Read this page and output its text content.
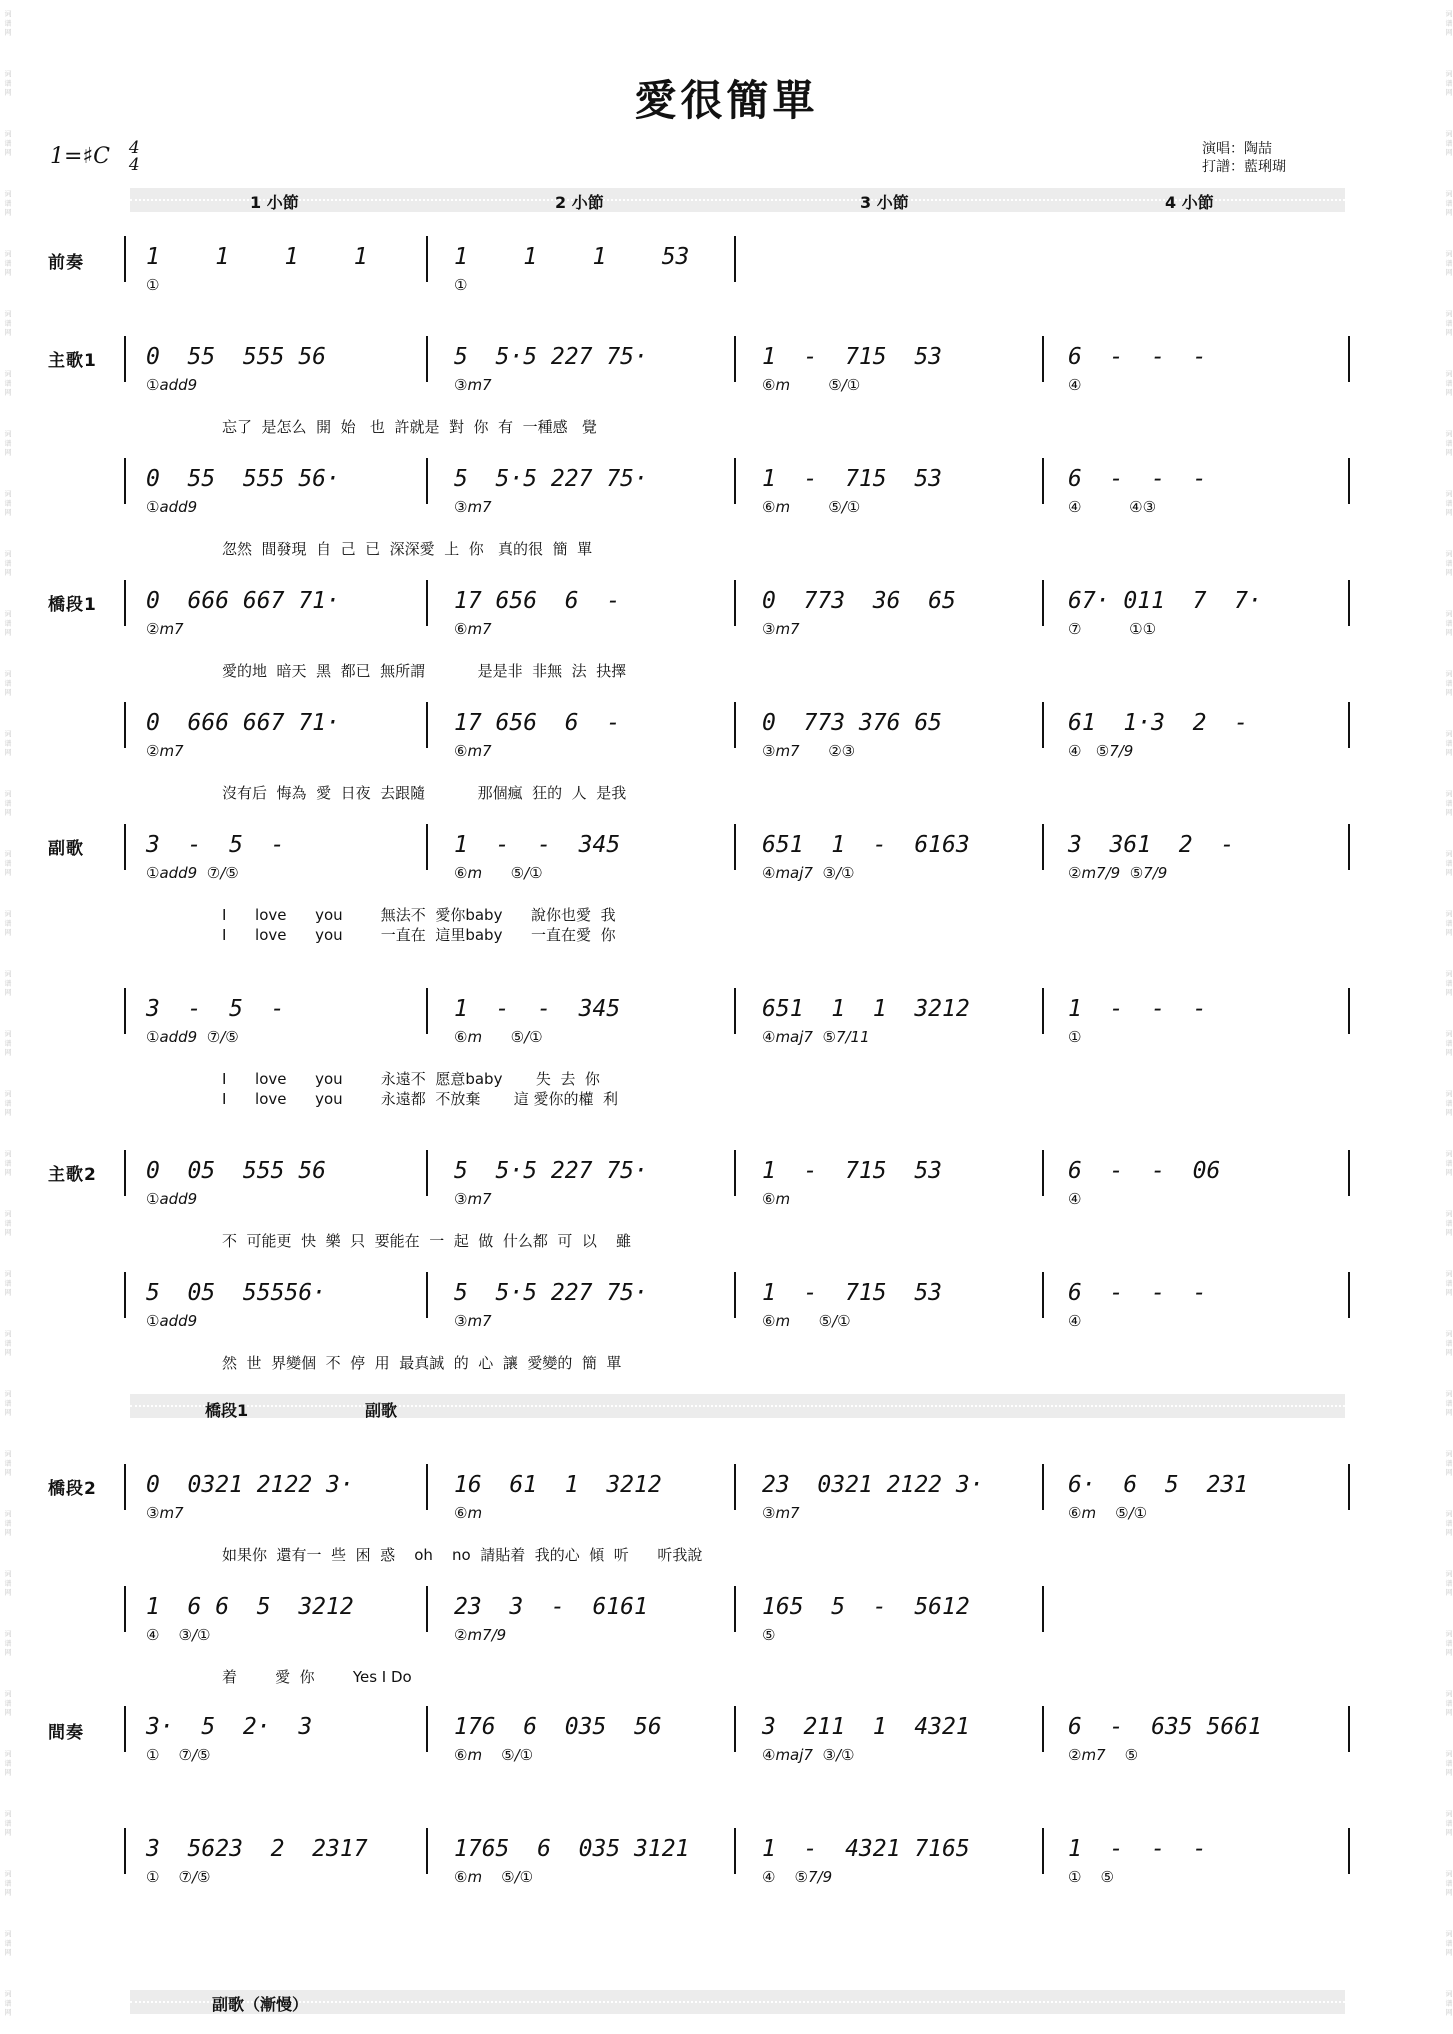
词 谱 网
词 谱 网
词 谱 网
词 谱 网
词 谱 网
词 谱 网
词 谱 网
词 谱 网
词 谱 网
词 谱 网
词 谱 网
词 谱 网
词 谱 网
词 谱 网
词 谱 网
词 谱 网
词 谱 网
词 谱 网
词 谱 网
词 谱 网
词 谱 网
词 谱 网
词 谱 网
词 谱 网
词 谱 网
词 谱 网
词 谱 网
词 谱 网
词 谱 网
词 谱 网
词 谱 网
词 谱 网
词 谱 网
词 谱 网
词 谱 网
词 谱 网
词 谱 网
词 谱 网
词 谱 网
词 谱 网
词 谱 网
词 谱 网
词 谱 网
词 谱 网
词 谱 网
词 谱 网
词 谱 网
词 谱 网
词 谱 网
词 谱 网
词 谱 网
词 谱 网
词 谱 网
词 谱 网
词 谱 网
词 谱 网
词 谱 网
词 谱 网
词 谱 网
词 谱 网
词 谱 网
词 谱 网
词 谱 网
词 谱 网
词 谱 网
词 谱 网
词 谱 网
词 谱 网
愛很簡單
1=♯C 4
4
演唱：陶喆
打譜：藍琍瑚
1 小節	2 小節	3 小節	4 小節
前奏
主歌1
橋段1
副歌
主歌2
橋段2
間奏
橋段1	副歌
副歌（漸慢）
1    1    1    1
①
1    1    1    53
①
0  55  555 56
①add9
5  5·5 227 75·
③m7
1  -  715  53
⑥m        ⑤/①
6  -  -  -
④
忘了  是怎么  開  始   也  許就是  對  你  有  一種感   覺
0  55  555 56·
①add9
5  5·5 227 75·
③m7
1  -  715  53
⑥m        ⑤/①
6  -  -  -
④          ④③
忽然  間發現  自  己  已  深深愛  上  你   真的很  簡  單
0  666 667 71·
②m7
17 656  6  -
⑥m7
0  773  36  65
③m7
67· 011  7  7·
⑦          ①①
愛的地  暗天  黑  都已  無所謂           是是非  非無  法  抉擇
0  666 667 71·
②m7
17 656  6  -
⑥m7
0  773 376 65
③m7      ②③
61  1·3  2  -
④   ⑤7/9
沒有后  悔為  愛  日夜  去跟隨           那個瘋  狂的  人  是我
3  -  5  -
①add9  ⑦/⑤
1  -  -  345
⑥m      ⑤/①
651  1  -  6163
④maj7  ③/①
3  361  2  -
②m7/9  ⑤7/9
I      love      you        無法不  愛你baby      說你也愛  我
I      love      you        一直在  這里baby      一直在愛  你
3  -  5  -
①add9  ⑦/⑤
1  -  -  345
⑥m      ⑤/①
651  1  1  3212
④maj7  ⑤7/11
1  -  -  -
①
I      love      you        永遠不  愿意baby       失  去  你
I      love      you        永遠都  不放棄       這 愛你的權  利
0  05  555 56
①add9
5  5·5 227 75·
③m7
1  -  715  53
⑥m
6  -  -  06
④
不  可能更  快  樂  只  要能在  一  起  做  什么都  可  以    雖
5  05  55556·
①add9
5  5·5 227 75·
③m7
1  -  715  53
⑥m      ⑤/①
6  -  -  -
④
然  世  界變個  不  停  用  最真誠  的  心  讓  愛變的  簡  單
0  0321 2122 3·
③m7
16  61  1  3212
⑥m
23  0321 2122 3·
③m7
6·  6  5  231
⑥m    ⑤/①
如果你  還有一  些  困  惑    oh    no  請貼着  我的心  傾  听      听我說
1  6 6  5  3212
④    ③/①
23  3  -  6161
②m7/9
165  5  -  5612
⑤
着        愛  你        Yes I Do
3·  5  2·  3
①    ⑦/⑤
176  6  035  56
⑥m    ⑤/①
3  211  1  4321
④maj7  ③/①
6  -  635 5661
②m7    ⑤
3  5623  2  2317
①    ⑦/⑤
1765  6  035 3121
⑥m    ⑤/①
1  -  4321 7165
④    ⑤7/9
1  -  -  -
①    ⑤
